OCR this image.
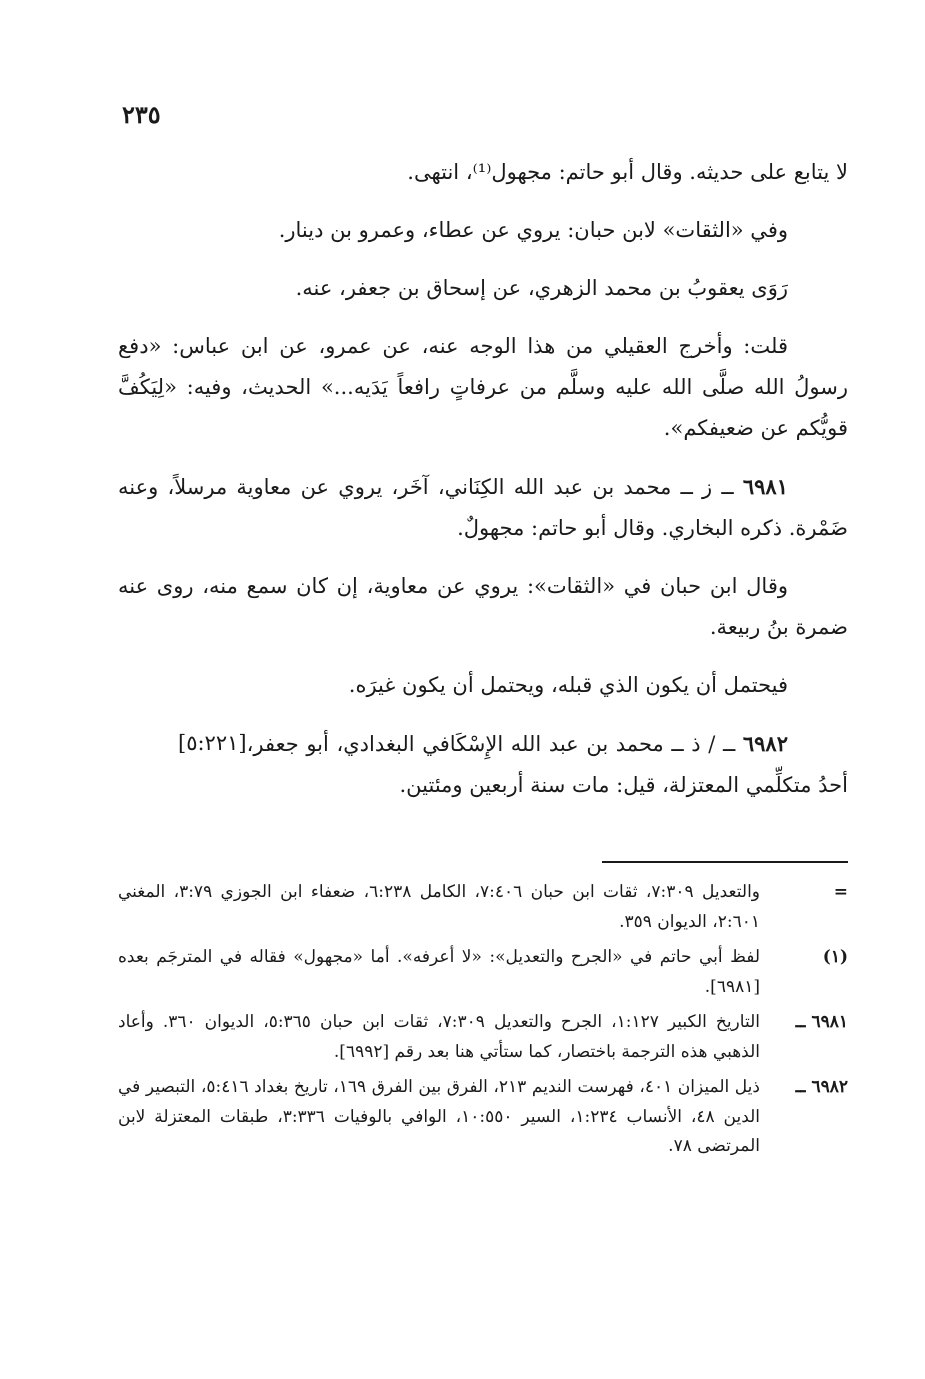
٢٣٥

لا يتابع على حديثه. وقال أبو حاتم: مجهول⁽¹⁾، انتهى.

وفي «الثقات» لابن حبان: يروي عن عطاء، وعمرو بن دينار.

رَوَى يعقوبُ بن محمد الزهري، عن إسحاق بن جعفر، عنه.

قلت: وأخرج العقيلي من هذا الوجه عنه، عن عمرو، عن ابن عباس: «دفع رسولُ الله صلَّى الله عليه وسلَّم من عرفاتٍ رافعاً يَدَيه...» الحديث، وفيه: «لِيَكُفَّ قويُّكم عن ضعيفكم».

٦٩٨١ ــ ز ــ محمد بن عبد الله الكِنَاني، آخَر، يروي عن معاوية مرسلاً، وعنه ضَمْرة. ذكره البخاري. وقال أبو حاتم: مجهولٌ.

وقال ابن حبان في «الثقات»: يروي عن معاوية، إن كان سمع منه، روى عنه ضمرة بنُ ربيعة.

فيحتمل أن يكون الذي قبله، ويحتمل أن يكون غيرَه.

[٥:٢٢١]	٦٩٨٢ ــ / ذ ــ محمد بن عبد الله الإِسْكَافي البغدادي، أبو جعفر، أحدُ متكلِّمي المعتزلة، قيل: مات سنة أربعين ومئتين.

=
والتعديل ٧:٣٠٩، ثقات ابن حبان ٧:٤٠٦، الكامل ٦:٢٣٨، ضعفاء ابن الجوزي ٣:٧٩، المغني ٢:٦٠١، الديوان ٣٥٩.
(١)
لفظ أبي حاتم في «الجرح والتعديل»: «لا أعرفه». أما «مجهول» فقاله في المترجَم بعده [٦٩٨١].
٦٩٨١ ــ
التاريخ الكبير ١:١٢٧، الجرح والتعديل ٧:٣٠٩، ثقات ابن حبان ٥:٣٦٥، الديوان ٣٦٠. وأعاد الذهبي هذه الترجمة باختصار، كما ستأتي هنا بعد رقم [٦٩٩٢].
٦٩٨٢ ــ
ذيل الميزان ٤٠١، فهرست النديم ٢١٣، الفرق بين الفرق ١٦٩، تاريخ بغداد ٥:٤١٦، التبصير في الدين ٤٨، الأنساب ١:٢٣٤، السير ١٠:٥٥٠، الوافي بالوفيات ٣:٣٣٦، طبقات المعتزلة لابن المرتضى ٧٨.
